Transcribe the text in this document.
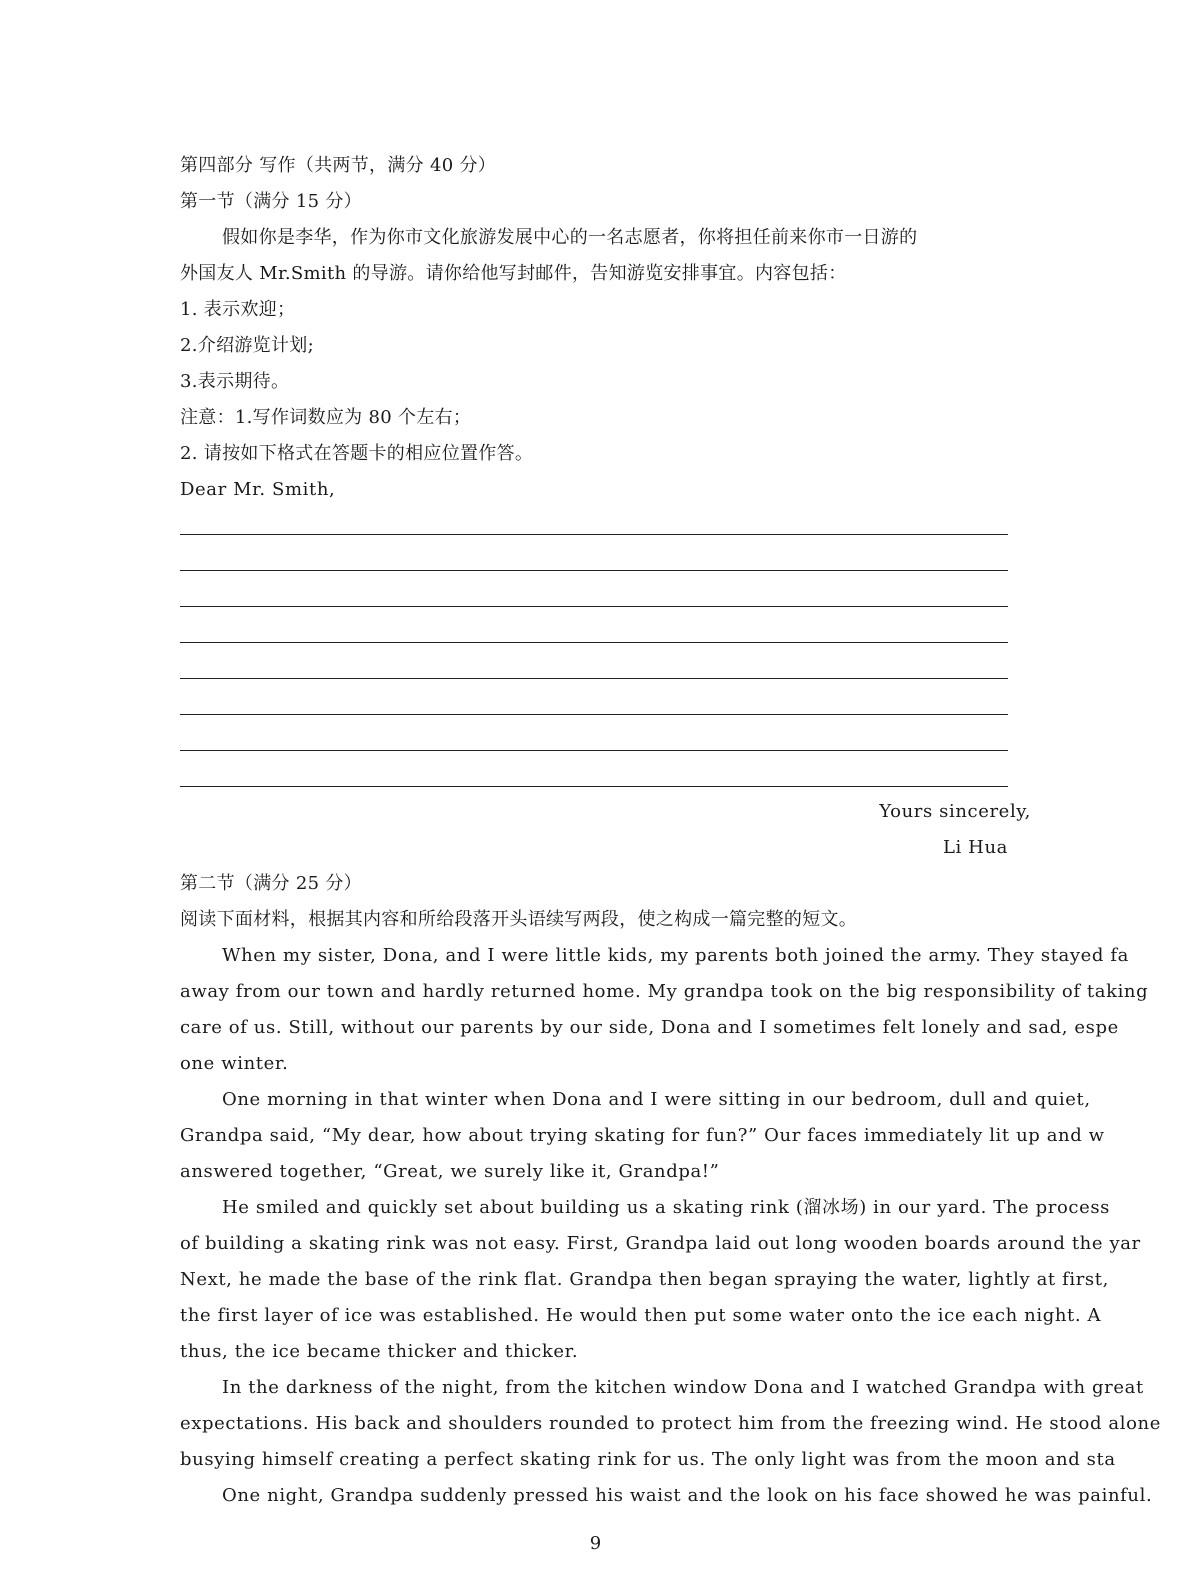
第四部分 写作（共两节，满分 40 分）
第一节（满分 15 分）
假如你是李华，作为你市文化旅游发展中心的一名志愿者，你将担任前来你市一日游的
外国友人 Mr.Smith 的导游。请你给他写封邮件，告知游览安排事宜。内容包括：
1. 表示欢迎；
2.介绍游览计划;
3.表示期待。
注意：1.写作词数应为 80 个左右；
2. 请按如下格式在答题卡的相应位置作答。
Dear Mr. Smith,
Yours sincerely,
Li Hua
第二节（满分 25 分）
阅读下面材料，根据其内容和所给段落开头语续写两段，使之构成一篇完整的短文。
When my sister, Dona, and I were little kids, my parents both joined the army. They stayed fa
away from our town and hardly returned home. My grandpa took on the big responsibility of taking
care of us. Still, without our parents by our side, Dona and I sometimes felt lonely and sad, espe
one winter.
One morning in that winter when Dona and I were sitting in our bedroom, dull and quiet,
Grandpa said, “My dear, how about trying skating for fun?” Our faces immediately lit up and w
answered together, “Great, we surely like it, Grandpa!”
He smiled and quickly set about building us a skating rink (溜冰场) in our yard. The process
of building a skating rink was not easy. First, Grandpa laid out long wooden boards around the yar
Next, he made the base of the rink flat. Grandpa then began spraying the water, lightly at first,
the first layer of ice was established. He would then put some water onto the ice each night. A
thus, the ice became thicker and thicker.
In the darkness of the night, from the kitchen window Dona and I watched Grandpa with great
expectations. His back and shoulders rounded to protect him from the freezing wind. He stood alone
busying himself creating a perfect skating rink for us. The only light was from the moon and sta
One night, Grandpa suddenly pressed his waist and the look on his face showed he was painful.
9
